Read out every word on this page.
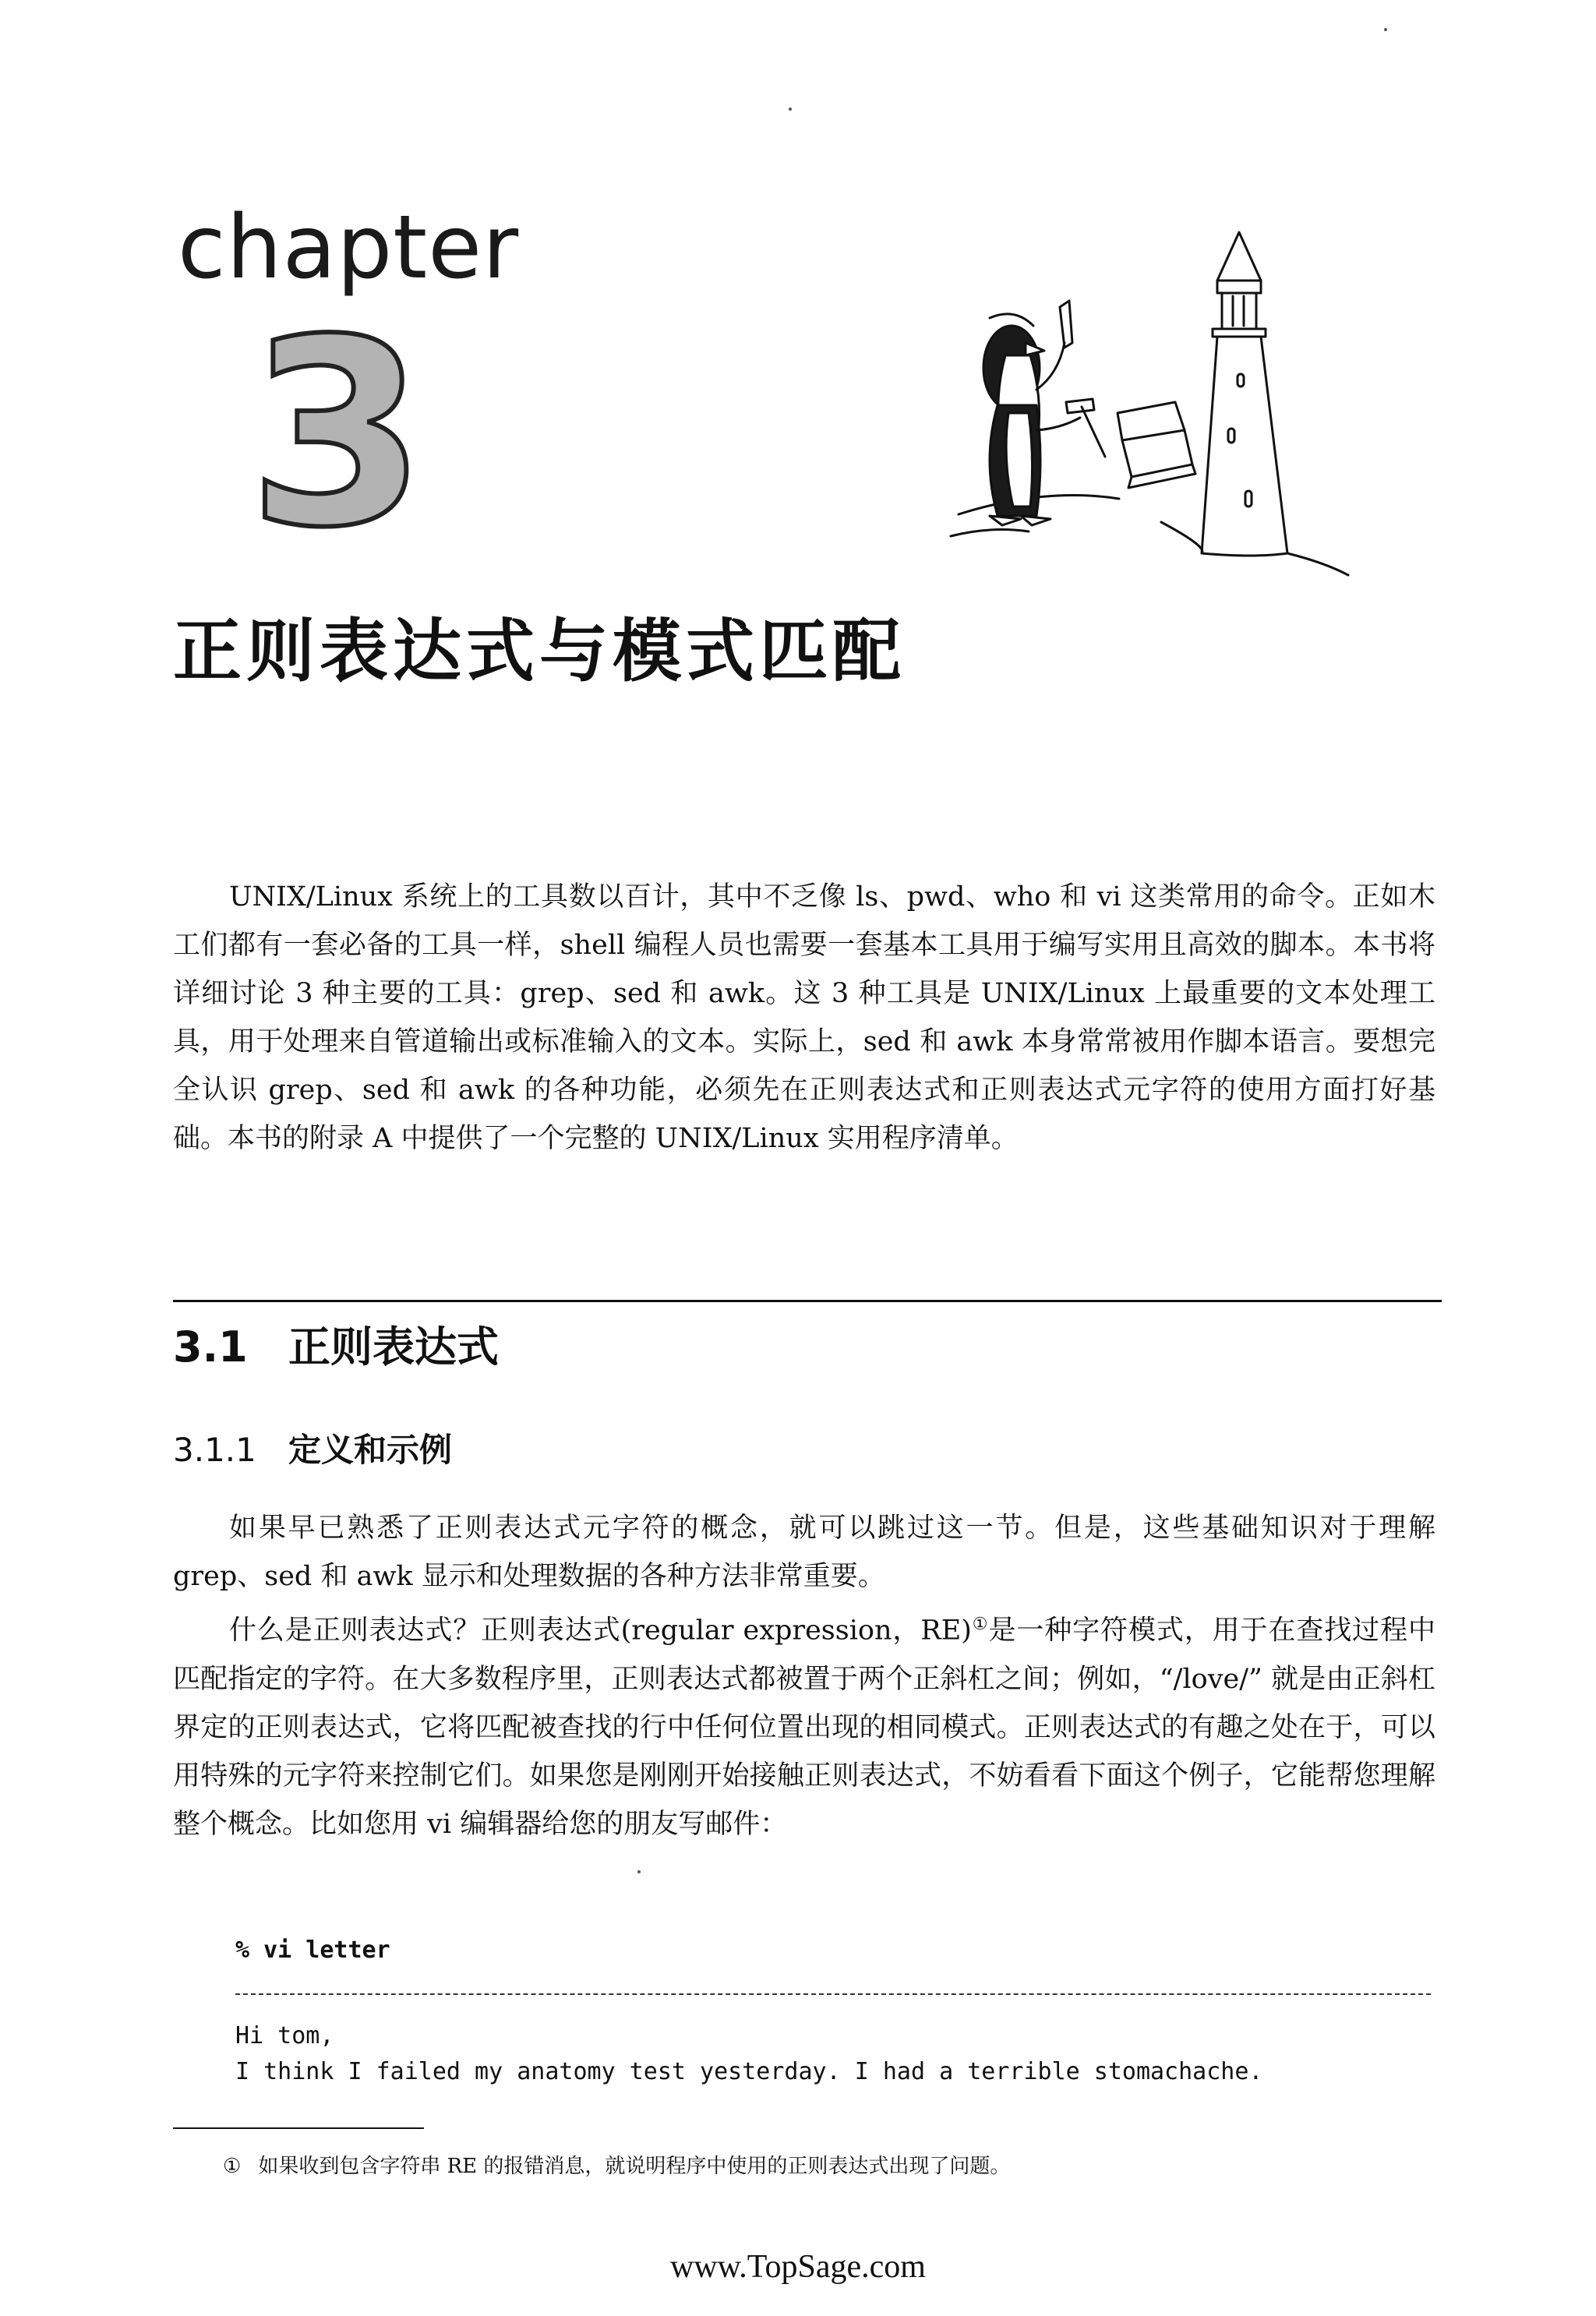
chapter
3
正则表达式与模式匹配

UNIX/Linux 系统上的工具数以百计，其中不乏像 ls、pwd、who 和 vi 这类常用的命令。正如木工们都有一套必备的工具一样，shell 编程人员也需要一套基本工具用于编写实用且高效的脚本。本书将详细讨论 3 种主要的工具：grep、sed 和 awk。这 3 种工具是 UNIX/Linux 上最重要的文本处理工具，用于处理来自管道输出或标准输入的文本。实际上，sed 和 awk 本身常常被用作脚本语言。要想完全认识 grep、sed 和 awk 的各种功能，必须先在正则表达式和正则表达式元字符的使用方面打好基础。本书的附录 A 中提供了一个完整的 UNIX/Linux 实用程序清单。

3.1 正则表达式
3.1.1 定义和示例

如果早已熟悉了正则表达式元字符的概念，就可以跳过这一节。但是，这些基础知识对于理解 grep、sed 和 awk 显示和处理数据的各种方法非常重要。

什么是正则表达式？正则表达式(regular expression，RE)①是一种字符模式，用于在查找过程中匹配指定的字符。在大多数程序里，正则表达式都被置于两个正斜杠之间；例如，“/love/” 就是由正斜杠界定的正则表达式，它将匹配被查找的行中任何位置出现的相同模式。正则表达式的有趣之处在于，可以用特殊的元字符来控制它们。如果您是刚刚开始接触正则表达式，不妨看看下面这个例子，它能帮您理解整个概念。比如您用 vi 编辑器给您的朋友写邮件：

% vi letter
Hi tom,
I think I failed my anatomy test yesterday. I had a terrible stomachache.
① 如果收到包含字符串 RE 的报错消息，就说明程序中使用的正则表达式出现了问题。
www.TopSage.com
